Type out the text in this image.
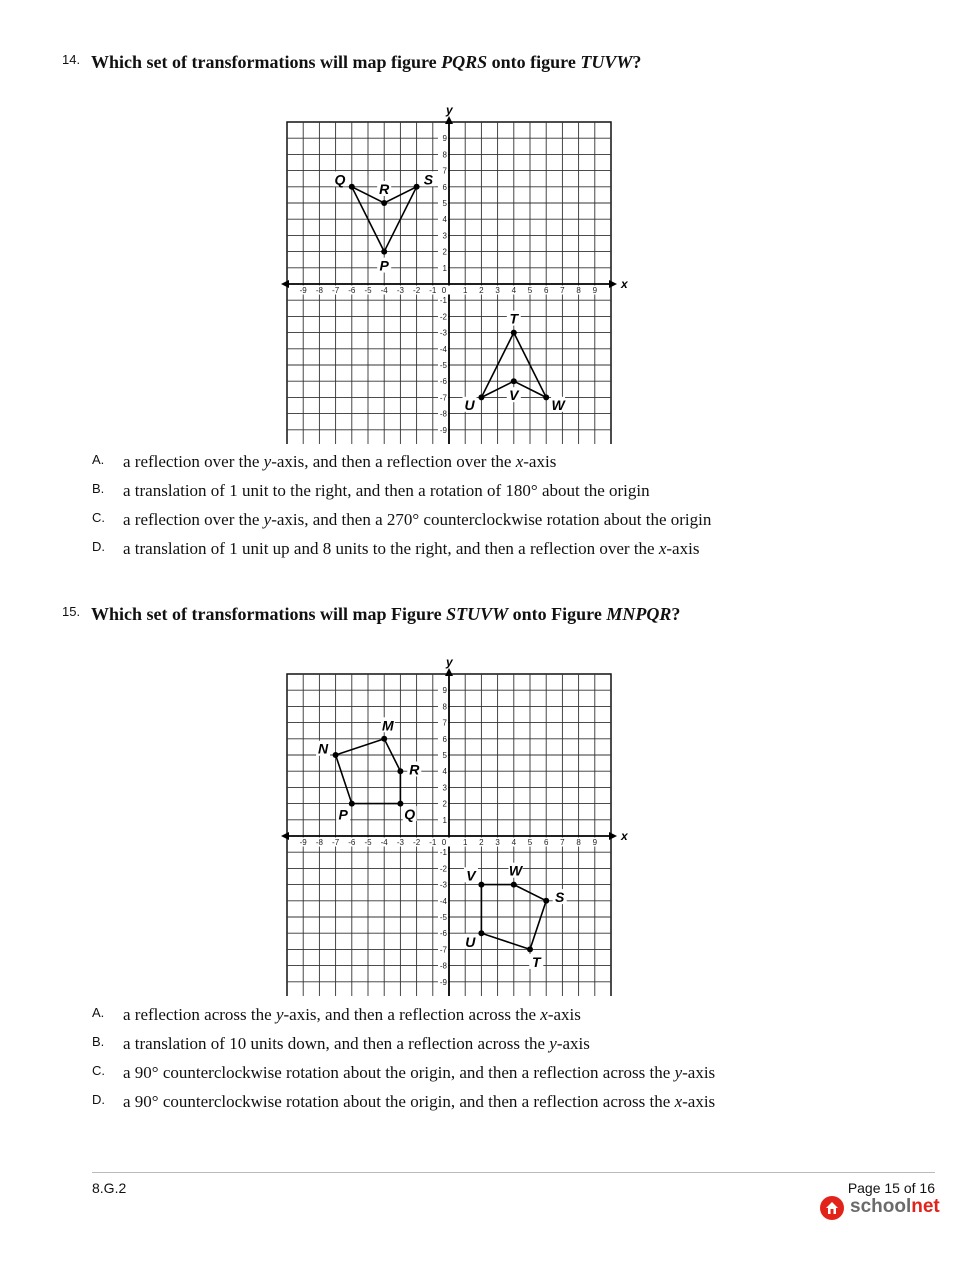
14. Which set of transformations will map figure PQRS onto figure TUVW?
x
y
-9 -8 -7 -6 -5 -4 -3 -2 -1 0 1 2 3 4 5 6 7 8 9
9
8
7
6
5
4
3
2
1
-1
-2
-3
-4
-5
-6
-7
-8
-9
P
Q
R
S
T
W
V
U
A. a reflection over the y-axis, and then a reflection over the x-axis
B. a translation of 1 unit to the right, and then a rotation of 180° about the origin
C. a reflection over the y-axis, and then a 270° counterclockwise rotation about the origin
D. a translation of 1 unit up and 8 units to the right, and then a reflection over the x-axis
15. Which set of transformations will map Figure STUVW onto Figure MNPQR?
x
y
-9 -8 -7 -6 -5 -4 -3 -2 -1 0 1 2 3 4 5 6 7 8 9
9
8
7
6
5
4
3
2
1
-1
-2
-3
-4
-5
-6
-7
-8
-9
M
N
P	Q
R
S
T
U
V W
A. a reflection across the y-axis, and then a reflection across the x-axis
B. a translation of 10 units down, and then a reflection across the y-axis
C. a 90° counterclockwise rotation about the origin, and then a reflection across the y-axis
D. a 90° counterclockwise rotation about the origin, and then a reflection across the x-axis
8.G.2	Page 15 of 16
schoolnet
